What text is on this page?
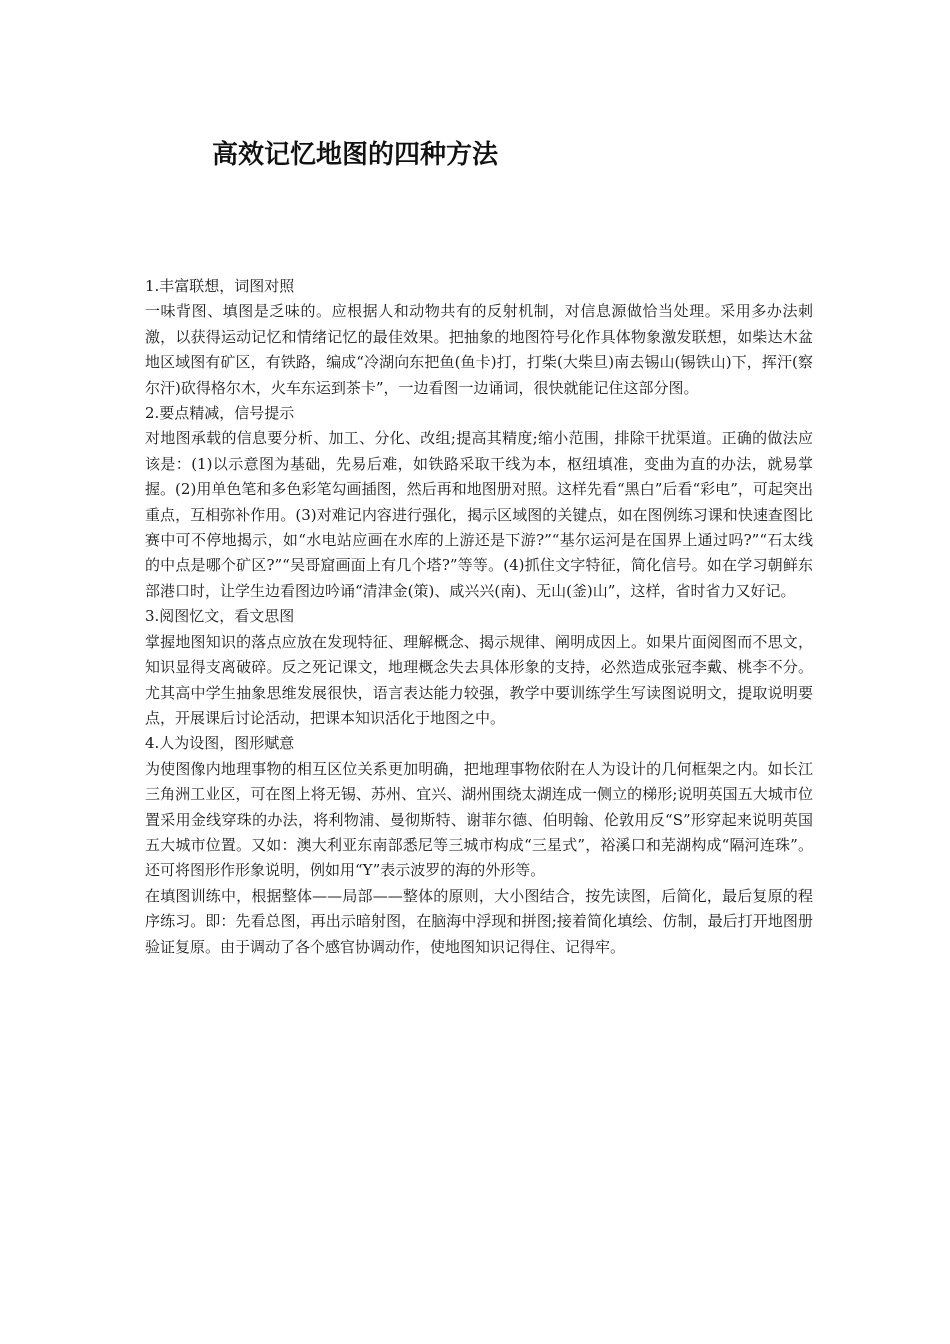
高效记忆地图的四种方法

1.丰富联想，词图对照

一味背图、填图是乏味的。应根据人和动物共有的反射机制，对信息源做恰当处理。采用多办法刺激，以获得运动记忆和情绪记忆的最佳效果。把抽象的地图符号化作具体物象激发联想，如柴达木盆地区域图有矿区，有铁路，编成“冷湖向东把鱼(鱼卡)打，打柴(大柴旦)南去锡山(锡铁山)下，挥汗(察尔汗)砍得格尔木，火车东运到茶卡”，一边看图一边诵词，很快就能记住这部分图。

2.要点精减，信号提示

对地图承载的信息要分析、加工、分化、改组;提高其精度;缩小范围，排除干扰渠道。正确的做法应该是：(1)以示意图为基础，先易后难，如铁路采取干线为本，枢纽填准，变曲为直的办法，就易掌握。(2)用单色笔和多色彩笔勾画插图，然后再和地图册对照。这样先看“黑白”后看“彩电”，可起突出重点，互相弥补作用。(3)对难记内容进行强化，揭示区域图的关键点，如在图例练习课和快速查图比赛中可不停地揭示，如“水电站应画在水库的上游还是下游?”“基尔运河是在国界上通过吗?”“石太线的中点是哪个矿区?”“吴哥窟画面上有几个塔?”等等。(4)抓住文字特征，简化信号。如在学习朝鲜东部港口时，让学生边看图边吟诵“清津金(策)、咸兴兴(南)、无山(釜)山”，这样，省时省力又好记。

3.阅图忆文，看文思图

掌握地图知识的落点应放在发现特征、理解概念、揭示规律、阐明成因上。如果片面阅图而不思文，知识显得支离破碎。反之死记课文，地理概念失去具体形象的支持，必然造成张冠李戴、桃李不分。尤其高中学生抽象思维发展很快，语言表达能力较强，教学中要训练学生写读图说明文，提取说明要点，开展课后讨论活动，把课本知识活化于地图之中。

4.人为设图，图形赋意

为使图像内地理事物的相互区位关系更加明确，把地理事物依附在人为设计的几何框架之内。如长江三角洲工业区，可在图上将无锡、苏州、宜兴、湖州围绕太湖连成一侧立的梯形;说明英国五大城市位置采用金线穿珠的办法，将利物浦、曼彻斯特、谢菲尔德、伯明翰、伦敦用反“S”形穿起来说明英国五大城市位置。又如：澳大利亚东南部悉尼等三城市构成“三星式”，裕溪口和芜湖构成“隔河连珠”。还可将图形作形象说明，例如用“Y”表示波罗的海的外形等。

在填图训练中，根据整体——局部——整体的原则，大小图结合，按先读图，后简化，最后复原的程序练习。即：先看总图，再出示暗射图，在脑海中浮现和拼图;接着简化填绘、仿制，最后打开地图册验证复原。由于调动了各个感官协调动作，使地图知识记得住、记得牢。
